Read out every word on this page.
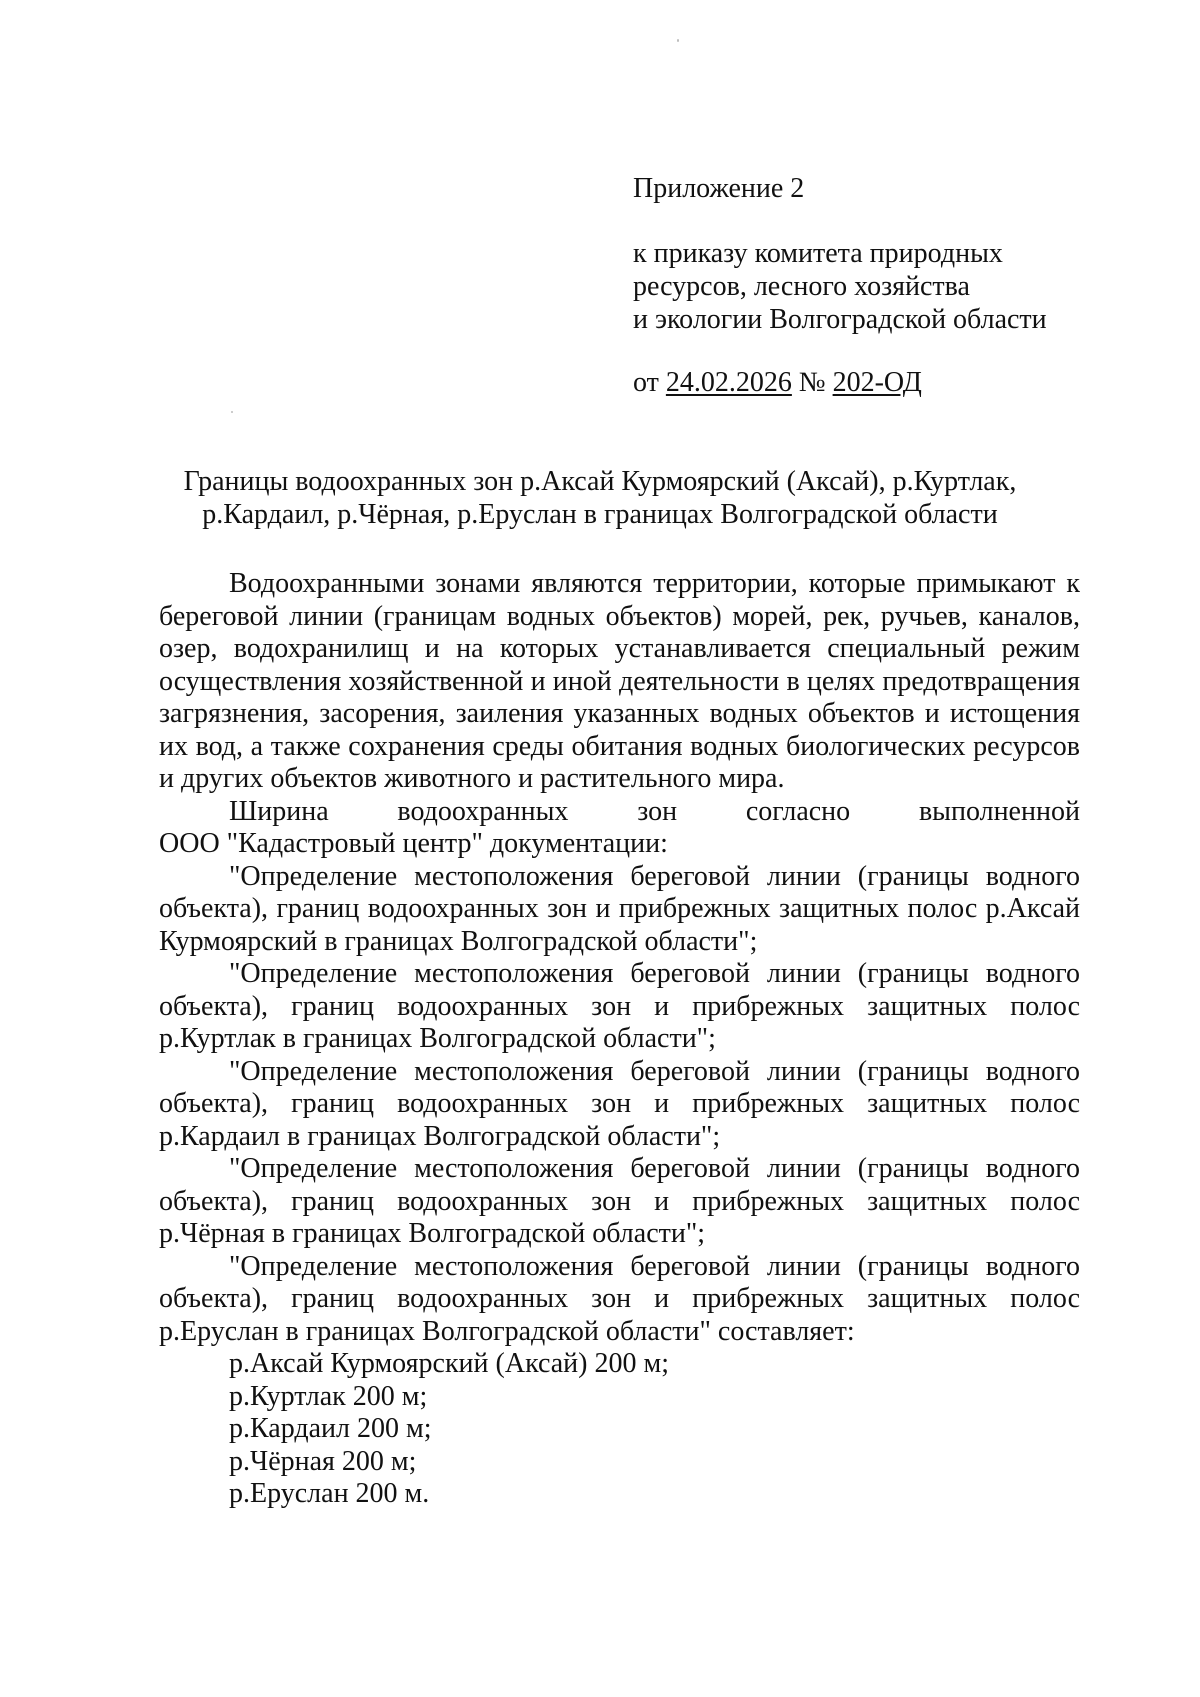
Приложение 2
к приказу комитета природных
ресурсов, лесного хозяйства
и экологии Волгоградской области
от 24.02.2026 № 202-ОД
Границы водоохранных зон р.Аксай Курмоярский (Аксай), р.Куртлак,
р.Кардаил, р.Чёрная, р.Еруслан в границах Волгоградской области

Водоохранными зонами являются территории, которые примыкают к береговой линии (границам водных объектов) морей, рек, ручьев, каналов, озер, водохранилищ и на которых устанавливается специальный режим осуществления хозяйственной и иной деятельности в целях предотвращения загрязнения, засорения, заиления указанных водных объектов и истощения их вод, а также сохранения среды обитания водных биологических ресурсов и других объектов животного и растительного мира.

Ширина водоохранных зон согласно выполненной
ООО "Кадастровый центр" документации:

"Определение местоположения береговой линии (границы водного объекта), границ водоохранных зон и прибрежных защитных полос р.Аксай Курмоярский в границах Волгоградской области";

"Определение местоположения береговой линии (границы водного объекта), границ водоохранных зон и прибрежных защитных полос р.Куртлак в границах Волгоградской области";

"Определение местоположения береговой линии (границы водного объекта), границ водоохранных зон и прибрежных защитных полос р.Кардаил в границах Волгоградской области";

"Определение местоположения береговой линии (границы водного объекта), границ водоохранных зон и прибрежных защитных полос р.Чёрная в границах Волгоградской области";

"Определение местоположения береговой линии (границы водного объекта), границ водоохранных зон и прибрежных защитных полос р.Еруслан в границах Волгоградской области" составляет:

р.Аксай Курмоярский (Аксай) 200 м;
р.Куртлак 200 м;
р.Кардаил 200 м;
р.Чёрная 200 м;
р.Еруслан 200 м.
